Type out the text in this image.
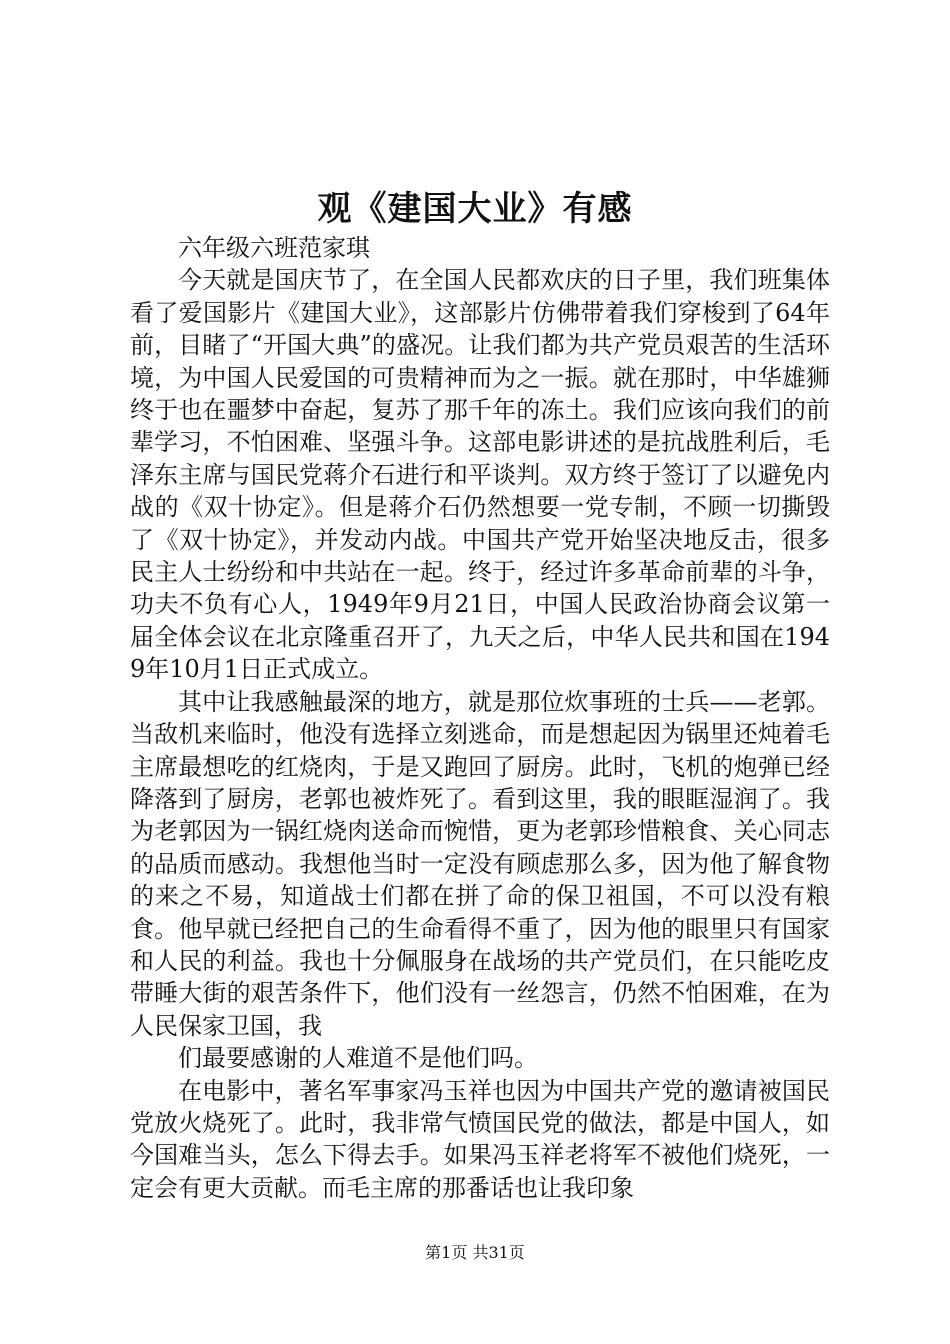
观《建国大业》有感

六年级六班范家琪

今天就是国庆节了，在全国人民都欢庆的日子里，我们班集体看了爱国影片《建国大业》，这部影片仿佛带着我们穿梭到了64年前，目睹了“开国大典”的盛况。让我们都为共产党员艰苦的生活环境，为中国人民爱国的可贵精神而为之一振。就在那时，中华雄狮终于也在噩梦中奋起，复苏了那千年的冻土。我们应该向我们的前辈学习，不怕困难、坚强斗争。这部电影讲述的是抗战胜利后，毛泽东主席与国民党蒋介石进行和平谈判。双方终于签订了以避免内战的《双十协定》。但是蒋介石仍然想要一党专制，不顾一切撕毁了《双十协定》，并发动内战。中国共产党开始坚决地反击，很多民主人士纷纷和中共站在一起。终于，经过许多革命前辈的斗争，功夫不负有心人，1949年9月21日，中国人民政治协商会议第一届全体会议在北京隆重召开了，九天之后，中华人民共和国在1949年10月1日正式成立。

其中让我感触最深的地方，就是那位炊事班的士兵——老郭。当敌机来临时，他没有选择立刻逃命，而是想起因为锅里还炖着毛主席最想吃的红烧肉，于是又跑回了厨房。此时，飞机的炮弹已经降落到了厨房，老郭也被炸死了。看到这里，我的眼眶湿润了。我为老郭因为一锅红烧肉送命而惋惜，更为老郭珍惜粮食、关心同志的品质而感动。我想他当时一定没有顾虑那么多，因为他了解食物的来之不易，知道战士们都在拼了命的保卫祖国，不可以没有粮食。他早就已经把自己的生命看得不重了，因为他的眼里只有国家和人民的利益。我也十分佩服身在战场的共产党员们，在只能吃皮带睡大街的艰苦条件下，他们没有一丝怨言，仍然不怕困难，在为人民保家卫国，我

们最要感谢的人难道不是他们吗。

在电影中，著名军事家冯玉祥也因为中国共产党的邀请被国民党放火烧死了。此时，我非常气愤国民党的做法，都是中国人，如今国难当头，怎么下得去手。如果冯玉祥老将军不被他们烧死，一定会有更大贡献。而毛主席的那番话也让我印象

第1页 共31页
